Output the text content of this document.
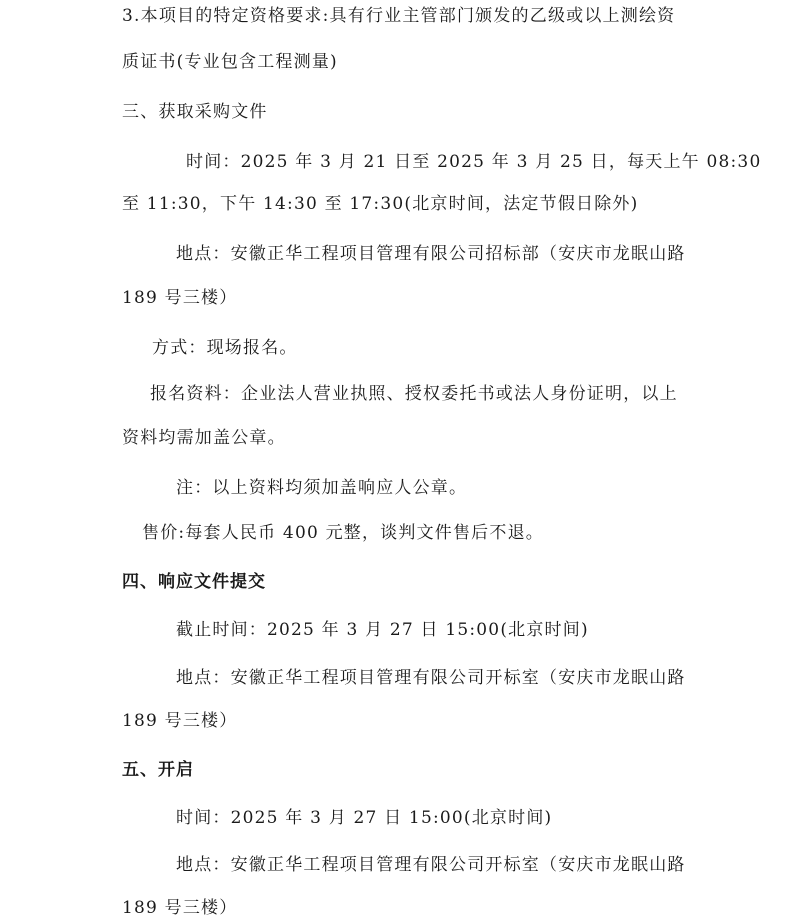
3.本项目的特定资格要求:具有行业主管部门颁发的乙级或以上测绘资
质证书(专业包含工程测量)
三、获取采购文件
时间：2025 年 3 月 21 日至 2025 年 3 月 25 日，每天上午 08:30
至 11:30，下午 14:30 至 17:30(北京时间，法定节假日除外)
地点：安徽正华工程项目管理有限公司招标部（安庆市龙眠山路
189 号三楼）
方式：现场报名。
报名资料：企业法人营业执照、授权委托书或法人身份证明，以上
资料均需加盖公章。
注：以上资料均须加盖响应人公章。
售价:每套人民币 400 元整，谈判文件售后不退。
四、响应文件提交
截止时间：2025 年 3 月 27 日 15:00(北京时间)
地点：安徽正华工程项目管理有限公司开标室（安庆市龙眠山路
189 号三楼）
五、开启
时间：2025 年 3 月 27 日 15:00(北京时间)
地点：安徽正华工程项目管理有限公司开标室（安庆市龙眠山路
189 号三楼）
